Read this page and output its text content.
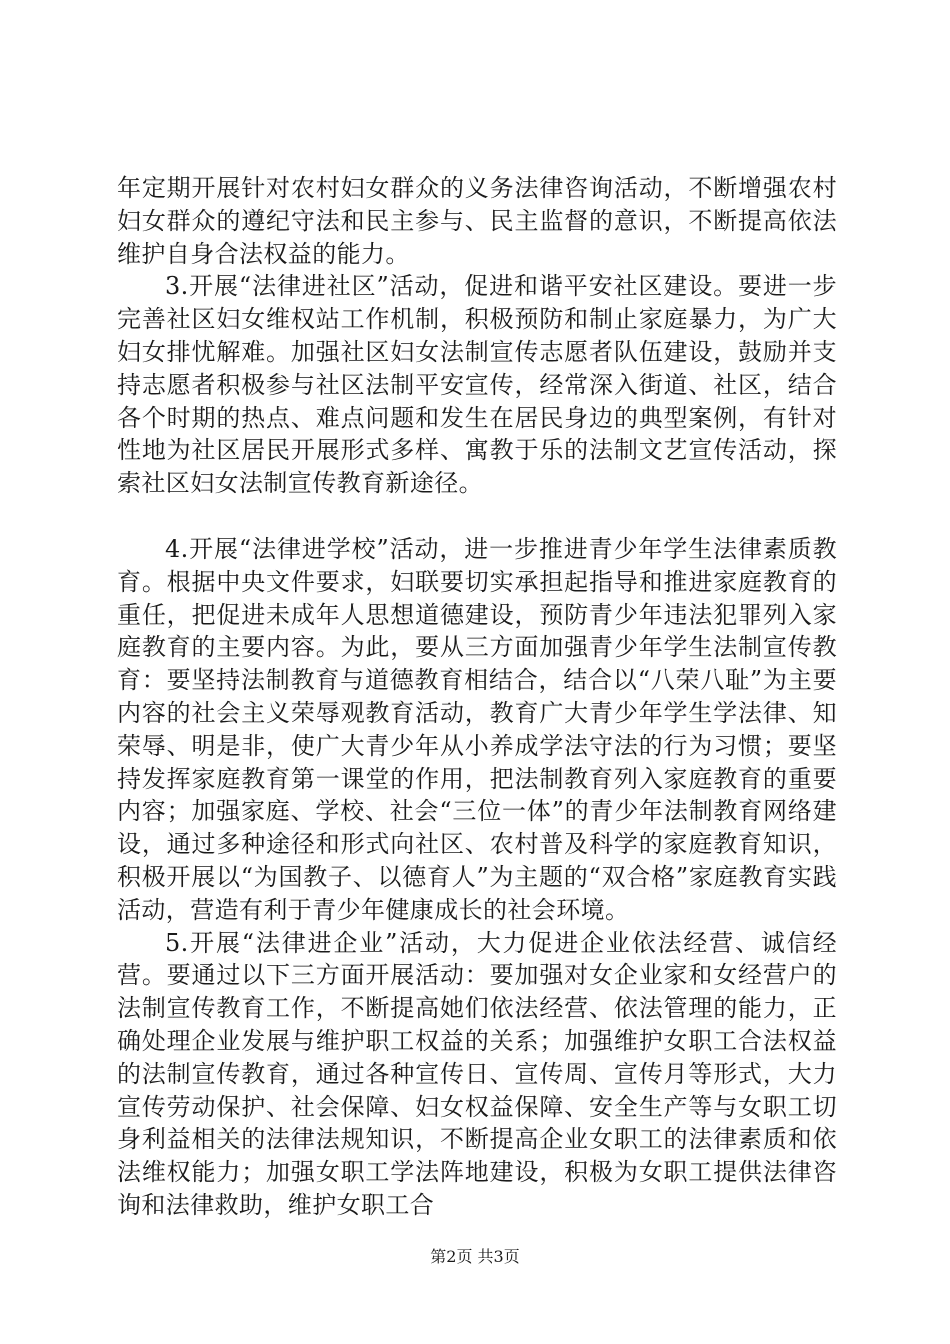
年定期开展针对农村妇女群众的义务法律咨询活动，不断增强农村妇女群众的遵纪守法和民主参与、民主监督的意识，不断提高依法维护自身合法权益的能力。

3.开展“法律进社区”活动，促进和谐平安社区建设。要进一步完善社区妇女维权站工作机制，积极预防和制止家庭暴力，为广大妇女排忧解难。加强社区妇女法制宣传志愿者队伍建设，鼓励并支持志愿者积极参与社区法制平安宣传，经常深入街道、社区，结合各个时期的热点、难点问题和发生在居民身边的典型案例，有针对性地为社区居民开展形式多样、寓教于乐的法制文艺宣传活动，探索社区妇女法制宣传教育新途径。

4.开展“法律进学校”活动，进一步推进青少年学生法律素质教育。根据中央文件要求，妇联要切实承担起指导和推进家庭教育的重任，把促进未成年人思想道德建设，预防青少年违法犯罪列入家庭教育的主要内容。为此，要从三方面加强青少年学生法制宣传教育：要坚持法制教育与道德教育相结合，结合以“八荣八耻”为主要内容的社会主义荣辱观教育活动，教育广大青少年学生学法律、知荣辱、明是非，使广大青少年从小养成学法守法的行为习惯；要坚持发挥家庭教育第一课堂的作用，把法制教育列入家庭教育的重要内容；加强家庭、学校、社会“三位一体”的青少年法制教育网络建设，通过多种途径和形式向社区、农村普及科学的家庭教育知识，积极开展以“为国教子、以德育人”为主题的“双合格”家庭教育实践活动，营造有利于青少年健康成长的社会环境。

5.开展“法律进企业”活动，大力促进企业依法经营、诚信经营。要通过以下三方面开展活动：要加强对女企业家和女经营户的法制宣传教育工作，不断提高她们依法经营、依法管理的能力，正确处理企业发展与维护职工权益的关系；加强维护女职工合法权益的法制宣传教育，通过各种宣传日、宣传周、宣传月等形式，大力宣传劳动保护、社会保障、妇女权益保障、安全生产等与女职工切身利益相关的法律法规知识，不断提高企业女职工的法律素质和依法维权能力；加强女职工学法阵地建设，积极为女职工提供法律咨询和法律救助，维护女职工合

第2页 共3页
